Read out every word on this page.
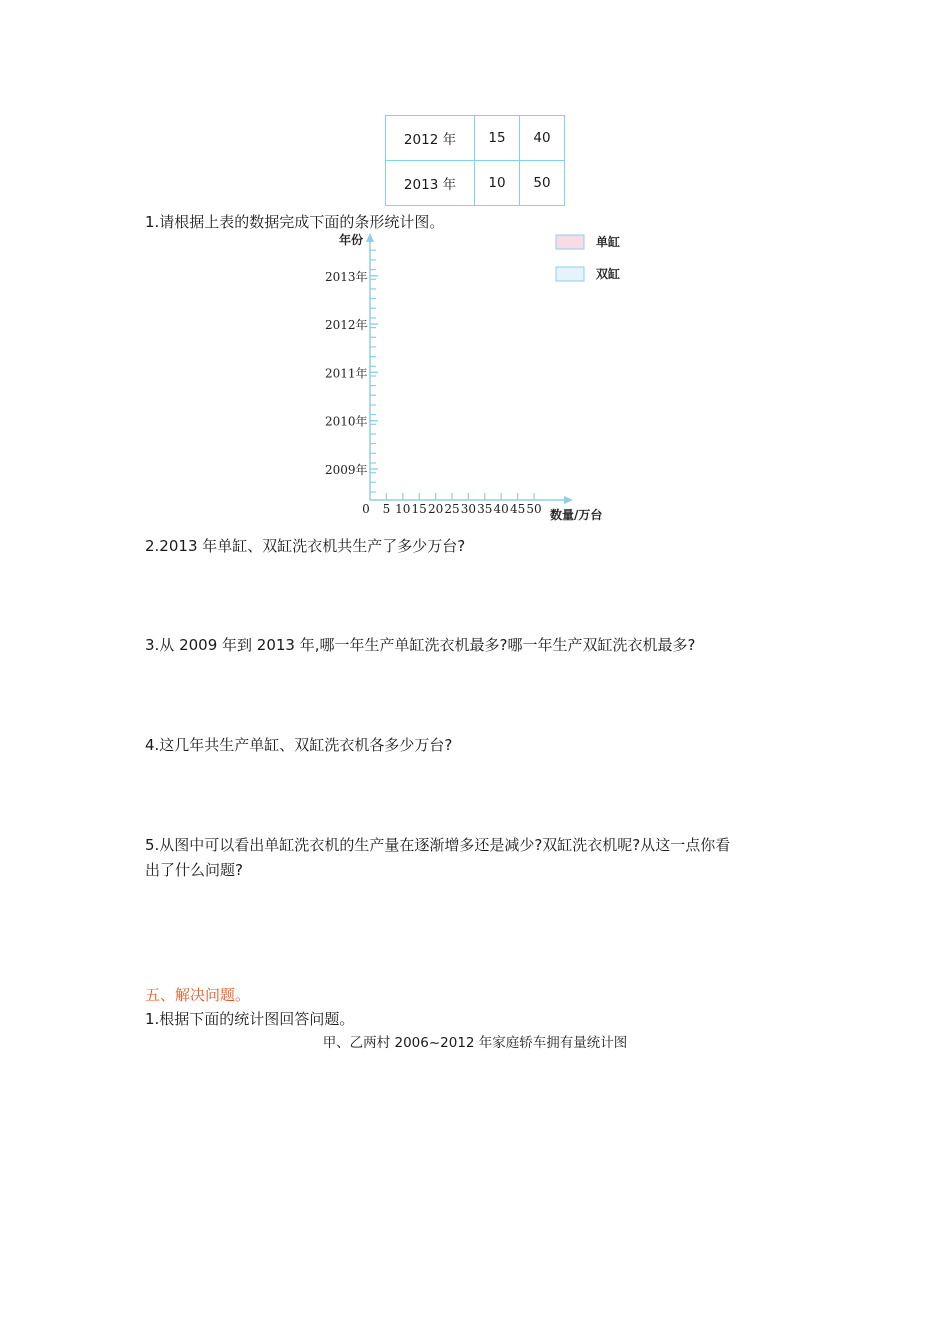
2012 年	15	40
2013 年	10	50
1.请根据上表的数据完成下面的条形统计图。
年份
数量/万台
2009年
2010年
2011年
2012年
2013年
0 5 10 15 20 25 30 35 40 45 50
单缸
双缸
2.2013 年单缸、双缸洗衣机共生产了多少万台?
3.从 2009 年到 2013 年,哪一年生产单缸洗衣机最多?哪一年生产双缸洗衣机最多?
4.这几年共生产单缸、双缸洗衣机各多少万台?
5.从图中可以看出单缸洗衣机的生产量在逐渐增多还是减少?双缸洗衣机呢?从这一点你看
出了什么问题?
五、解决问题。
1.根据下面的统计图回答问题。
甲、乙两村 2006~2012 年家庭轿车拥有量统计图
